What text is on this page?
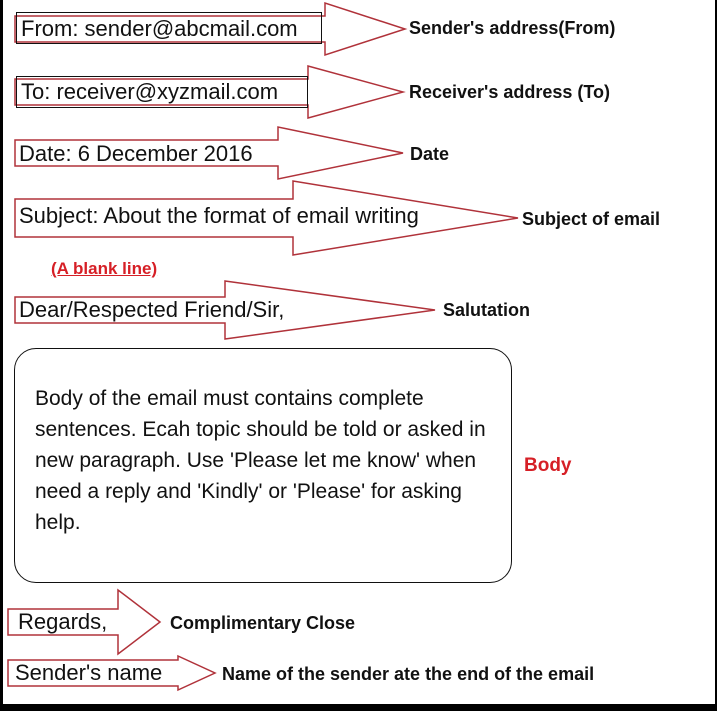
From: sender@abcmail.com	Sender's address(From)
To: receiver@xyzmail.com	Receiver's address (To)
Date: 6 December 2016	Date
Subject: About the format of email writing	Subject of email
(A blank line)
Dear/Respected Friend/Sir,	Salutation
Body of the email must contains complete sentences. Ecah topic should be told or asked in new paragraph. Use 'Please let me know' when need a reply and 'Kindly' or 'Please' for asking help.
Body
Regards,	Complimentary Close
Sender's name	Name of the sender ate the end of the email
